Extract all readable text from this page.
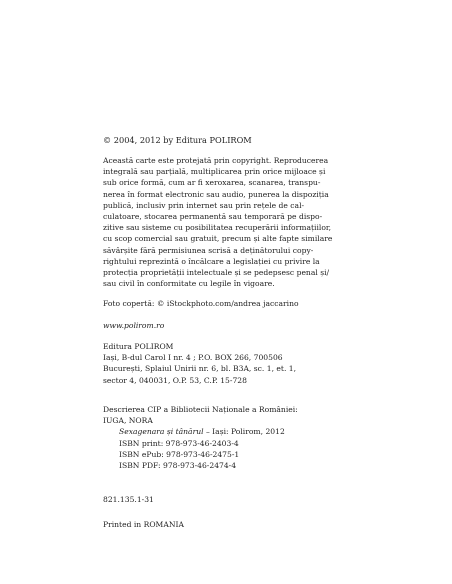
© 2004, 2012 by Editura POLIROM
Această carte este protejată prin copyright. Reproducerea
integrală sau parțială, multiplicarea prin orice mijloace și
sub orice formă, cum ar fi xeroxarea, scanarea, transpu-
nerea în format electronic sau audio, punerea la dispoziția
publică, inclusiv prin internet sau prin rețele de cal-
culatoare, stocarea permanentă sau temporară pe dispo-
zitive sau sisteme cu posibilitatea recuperării informațiilor,
cu scop comercial sau gratuit, precum și alte fapte similare
săvârșite fără permisiunea scrisă a deținătorului copy-
rightului reprezintă o încălcare a legislației cu privire la
protecția proprietății intelectuale și se pedepsesc penal și/
sau civil în conformitate cu legile în vigoare.
Foto copertă: © iStockphoto.com/andrea jaccarino
www.polirom.ro
Editura POLIROM
Iași, B-dul Carol I nr. 4 ; P.O. BOX 266, 700506
București, Splaiul Unirii nr. 6, bl. B3A, sc. 1, et. 1,
sector 4, 040031, O.P. 53, C.P. 15-728
Descrierea CIP a Bibliotecii Naționale a României:
IUGA, NORA
Sexagenara și tânărul – Iași: Polirom, 2012
ISBN print: 978-973-46-2403-4
ISBN ePub: 978-973-46-2475-1
ISBN PDF: 978-973-46-2474-4
821.135.1-31
Printed in ROMANIA
